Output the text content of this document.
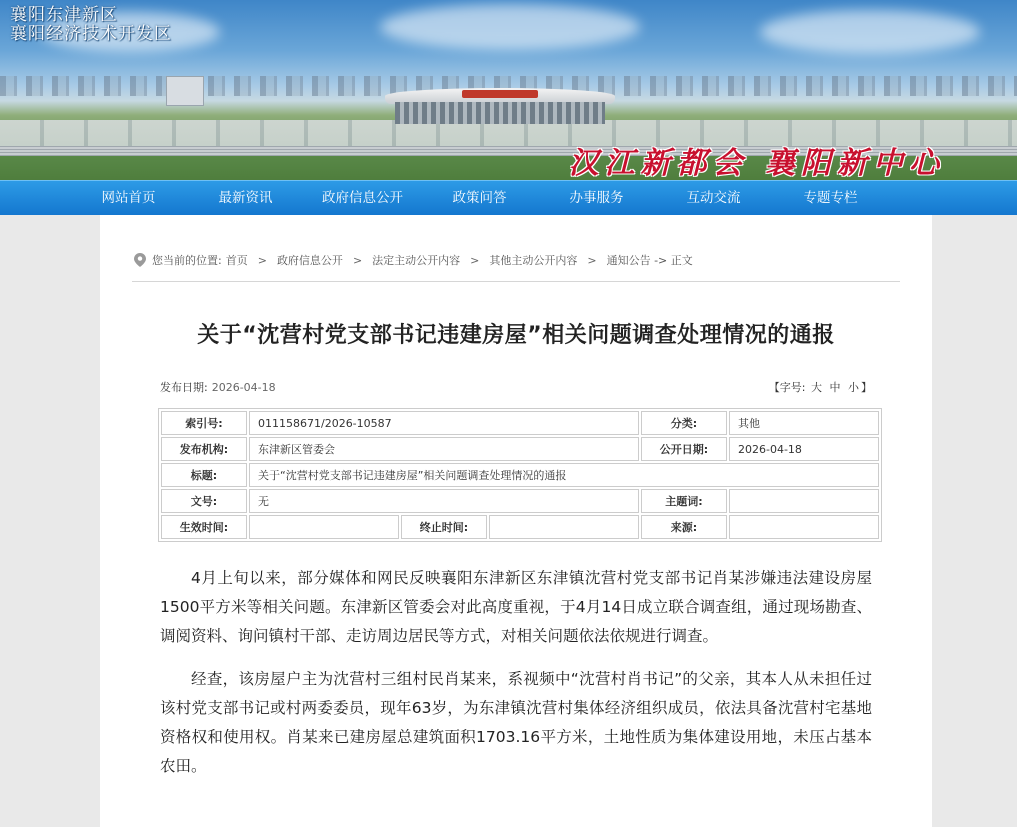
襄阳东津新区
襄阳经济技术开发区
汉江新都会 襄阳新中心
网站首页	最新资讯	政府信息公开	政策问答	办事服务	互动交流	专题专栏
您当前的位置: 首页 > 政府信息公开 > 法定主动公开内容 > 其他主动公开内容 > 通知公告 -> 正文
关于“沈营村党支部书记违建房屋”相关问题调查处理情况的通报
发布日期: 2026-04-18	【字号: 大 中 小 】
索引号:	011158671/2026-10587			分类:	其他
发布机构:	东津新区管委会			公开日期:	2026-04-18
标题:	关于“沈营村党支部书记违建房屋”相关问题调查处理情况的通报				
文号:	无			主题词:	
生效时间:		终止时间:		来源:	

4月上旬以来，部分媒体和网民反映襄阳东津新区东津镇沈营村党支部书记肖某涉嫌违法建设房屋1500平方米等相关问题。东津新区管委会对此高度重视，于4月14日成立联合调查组，通过现场勘查、调阅资料、询问镇村干部、走访周边居民等方式，对相关问题依法依规进行调查。

经查，该房屋户主为沈营村三组村民肖某来，系视频中“沈营村肖书记”的父亲，其本人从未担任过该村党支部书记或村两委委员，现年63岁，为东津镇沈营村集体经济组织成员，依法具备沈营村宅基地资格权和使用权。肖某来已建房屋总建筑面积1703.16平方米，土地性质为集体建设用地，未压占基本农田。
